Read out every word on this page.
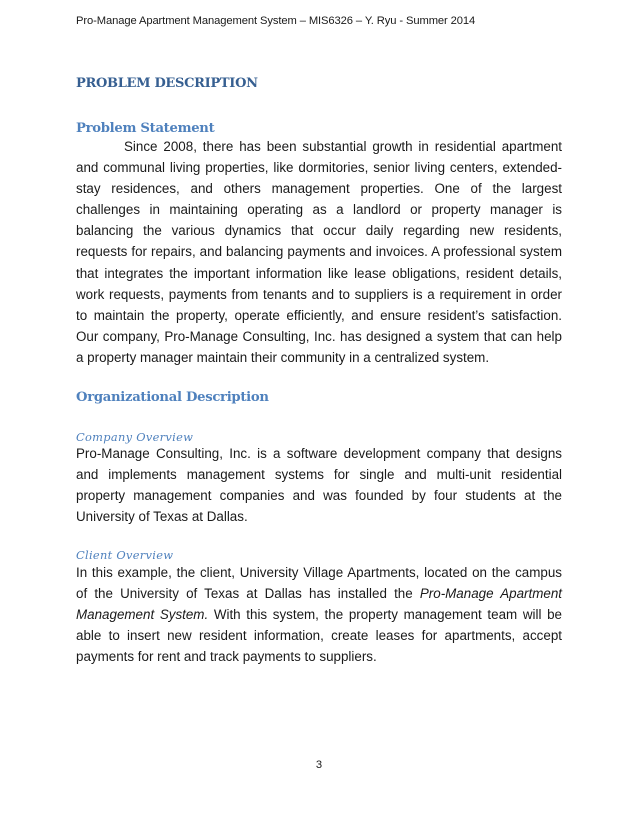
Pro-Manage Apartment Management System – MIS6326 – Y. Ryu - Summer 2014
PROBLEM DESCRIPTION
Problem Statement

Since 2008, there has been substantial growth in residential apartment and communal living properties, like dormitories, senior living centers, extended-stay residences, and others management properties. One of the largest challenges in maintaining operating as a landlord or property manager is balancing the various dynamics that occur daily regarding new residents, requests for repairs, and balancing payments and invoices. A professional system that integrates the important information like lease obligations, resident details, work requests, payments from tenants and to suppliers is a requirement in order to maintain the property, operate efficiently, and ensure resident’s satisfaction. Our company, Pro-Manage Consulting, Inc. has designed a system that can help a property manager maintain their community in a centralized system.

Organizational Description
Company Overview

Pro-Manage Consulting, Inc. is a software development company that designs and implements management systems for single and multi-unit residential property management companies and was founded by four students at the University of Texas at Dallas.

Client Overview

In this example, the client, University Village Apartments, located on the campus of the University of Texas at Dallas has installed the Pro-Manage Apartment Management System. With this system, the property management team will be able to insert new resident information, create leases for apartments, accept payments for rent and track payments to suppliers.

3
